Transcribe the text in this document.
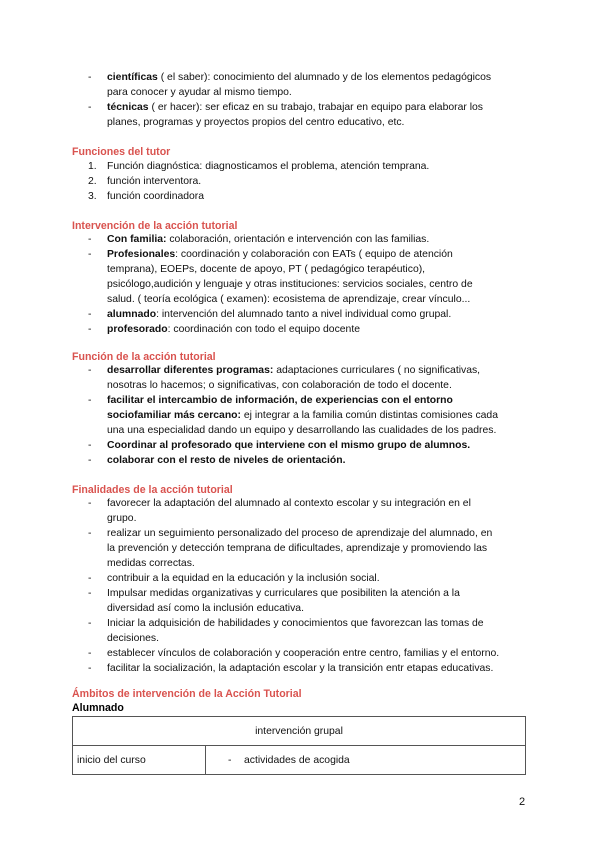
- científicas ( el saber): conocimiento del alumnado y de los elementos pedagógicos
para conocer y ayudar al mismo tiempo.
- técnicas ( er hacer): ser eficaz en su trabajo, trabajar en equipo para elaborar los
planes, programas y proyectos propios del centro educativo, etc.
Funciones del tutor
1. Función diagnóstica: diagnosticamos el problema, atención temprana.
2. función interventora.
3. función coordinadora
Intervención de la acción tutorial
- Con familia: colaboración, orientación e intervención con las familias.
- Profesionales: coordinación y colaboración con EATs ( equipo de atención
temprana), EOEPs, docente de apoyo, PT ( pedagógico terapéutico),
psicólogo,audición y lenguaje y otras instituciones: servicios sociales, centro de
salud. ( teoría ecológica ( examen): ecosistema de aprendizaje, crear vínculo...
- alumnado: intervención del alumnado tanto a nivel individual como grupal.
- profesorado: coordinación con todo el equipo docente
Función de la acción tutorial
- desarrollar diferentes programas: adaptaciones curriculares ( no significativas,
nosotras lo hacemos; o significativas, con colaboración de todo el docente.
- facilitar el intercambio de información, de experiencias con el entorno
sociofamiliar más cercano: ej integrar a la familia común distintas comisiones cada
una una especialidad dando un equipo y desarrollando las cualidades de los padres.
- Coordinar al profesorado que interviene con el mismo grupo de alumnos.
- colaborar con el resto de niveles de orientación.
Finalidades de la acción tutorial
- favorecer la adaptación del alumnado al contexto escolar y su integración en el
grupo.
- realizar un seguimiento personalizado del proceso de aprendizaje del alumnado, en
la prevención y detección temprana de dificultades, aprendizaje y promoviendo las
medidas correctas.
- contribuir a la equidad en la educación y la inclusión social.
- Impulsar medidas organizativas y curriculares que posibiliten la atención a la
diversidad así como la inclusión educativa.
- Iniciar la adquisición de habilidades y conocimientos que favorezcan las tomas de
decisiones.
- establecer vínculos de colaboración y cooperación entre centro, familias y el entorno.
- facilitar la socialización, la adaptación escolar y la transición entr etapas educativas.
Ámbitos de intervención de la Acción Tutorial
Alumnado
intervención grupal
inicio del curso	- actividades de acogida
2
